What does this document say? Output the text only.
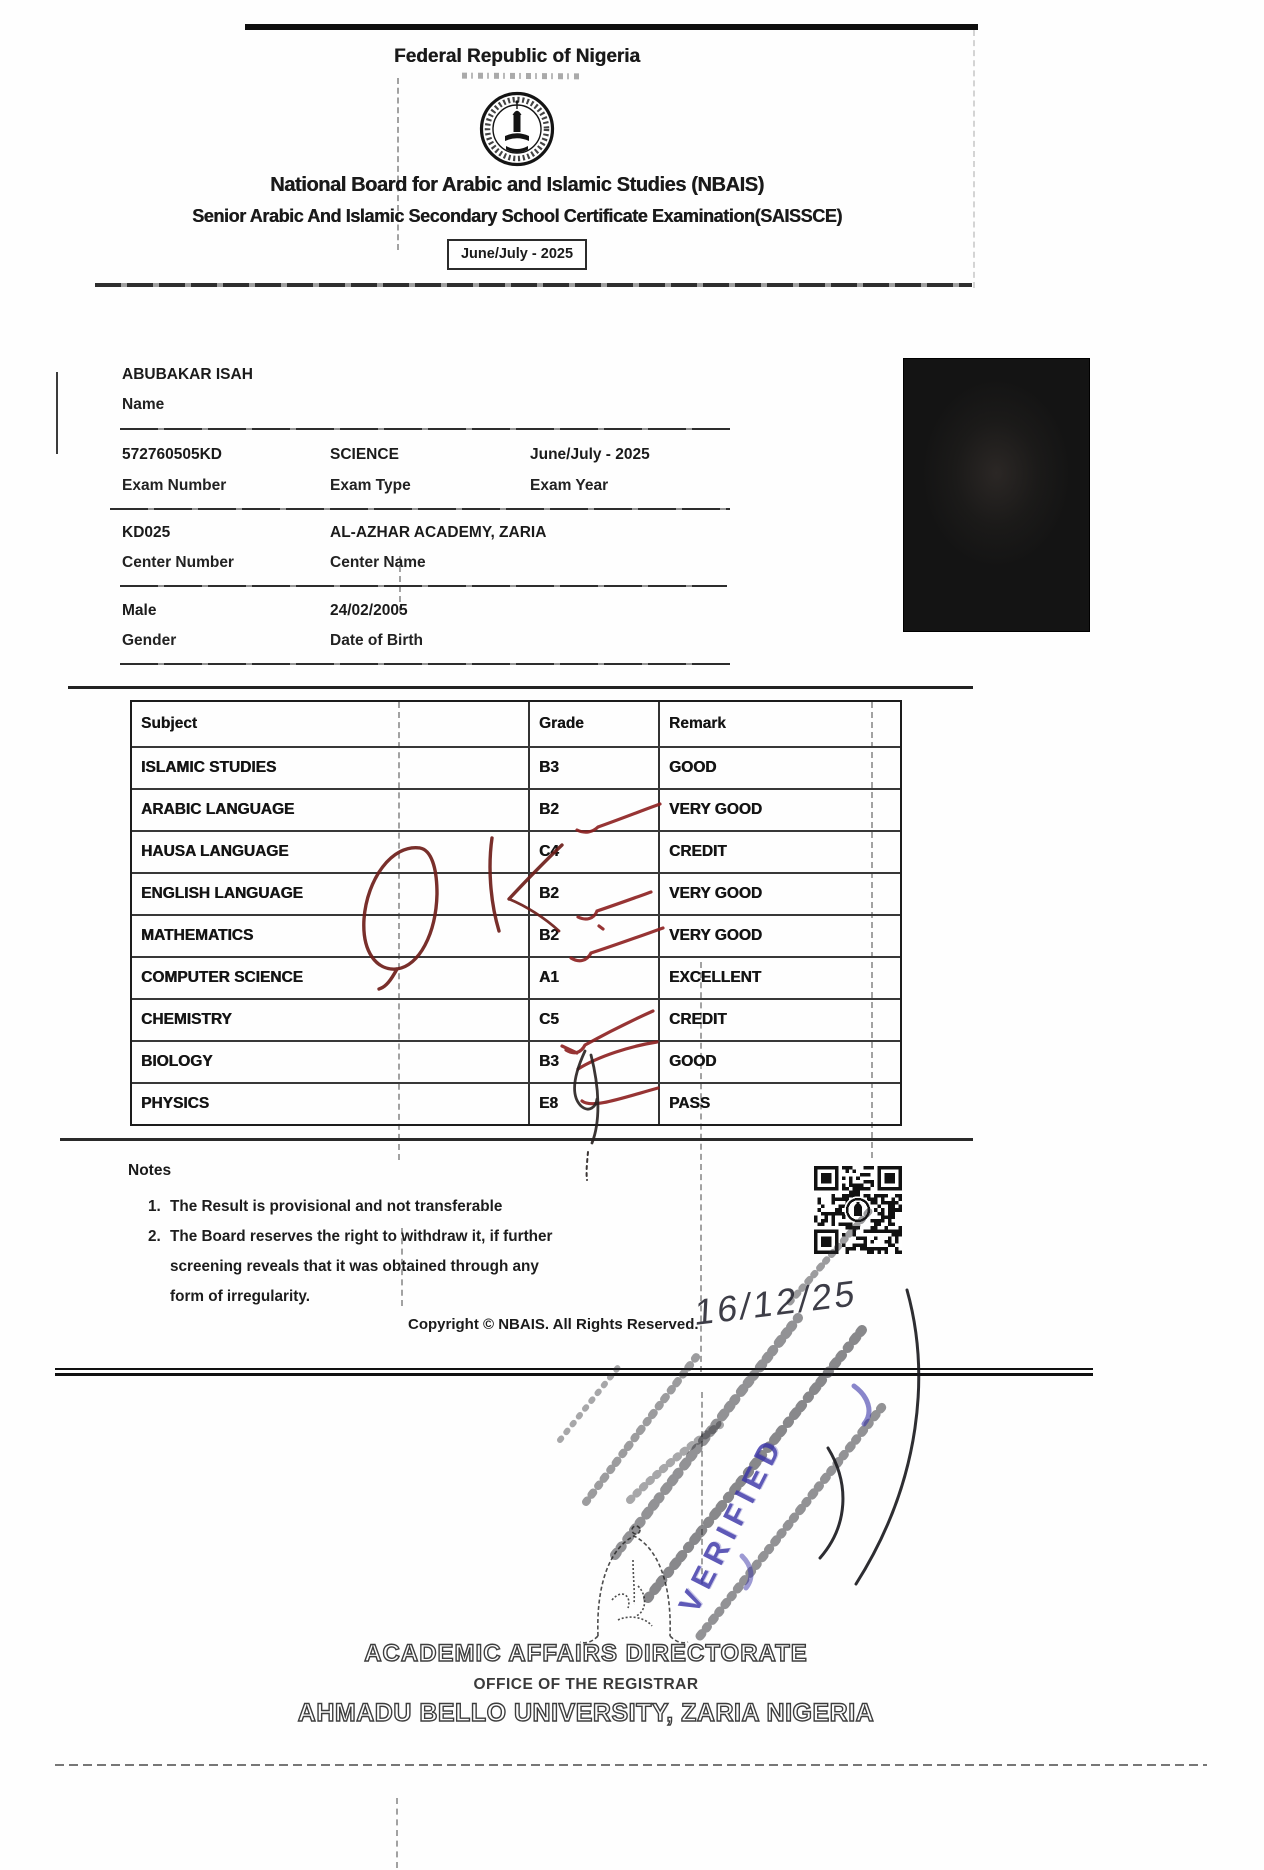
Federal Republic of Nigeria
National Board for Arabic and Islamic Studies (NBAIS)
Senior Arabic And Islamic Secondary School Certificate Examination(SAISSCE)
June/July - 2025
ABUBAKAR ISAH
Name
572760505KD	SCIENCE	June/July - 2025
Exam Number	Exam Type	Exam Year
KD025	AL-AZHAR ACADEMY, ZARIA
Center Number	Center Name
Male	24/02/2005
Gender	Date of Birth
Subject	Grade	Remark
ISLAMIC STUDIES	B3	GOOD
ARABIC LANGUAGE	B2	VERY GOOD
HAUSA LANGUAGE	C4	CREDIT
ENGLISH LANGUAGE	B2	VERY GOOD
MATHEMATICS	B2	VERY GOOD
COMPUTER SCIENCE	A1	EXCELLENT
CHEMISTRY	C5	CREDIT
BIOLOGY	B3	GOOD
PHYSICS	E8	PASS
Notes
1. The Result is provisional and not transferable
2. The Board reserves the right to withdraw it, if further screening reveals that it was obtained through any form of irregularity.
Copyright © NBAIS. All Rights Reserved.
VERIFIED
16/12/25
ACADEMIC AFFAIRS DIRECTORATE
OFFICE OF THE REGISTRAR
AHMADU BELLO UNIVERSITY, ZARIA NIGERIA
